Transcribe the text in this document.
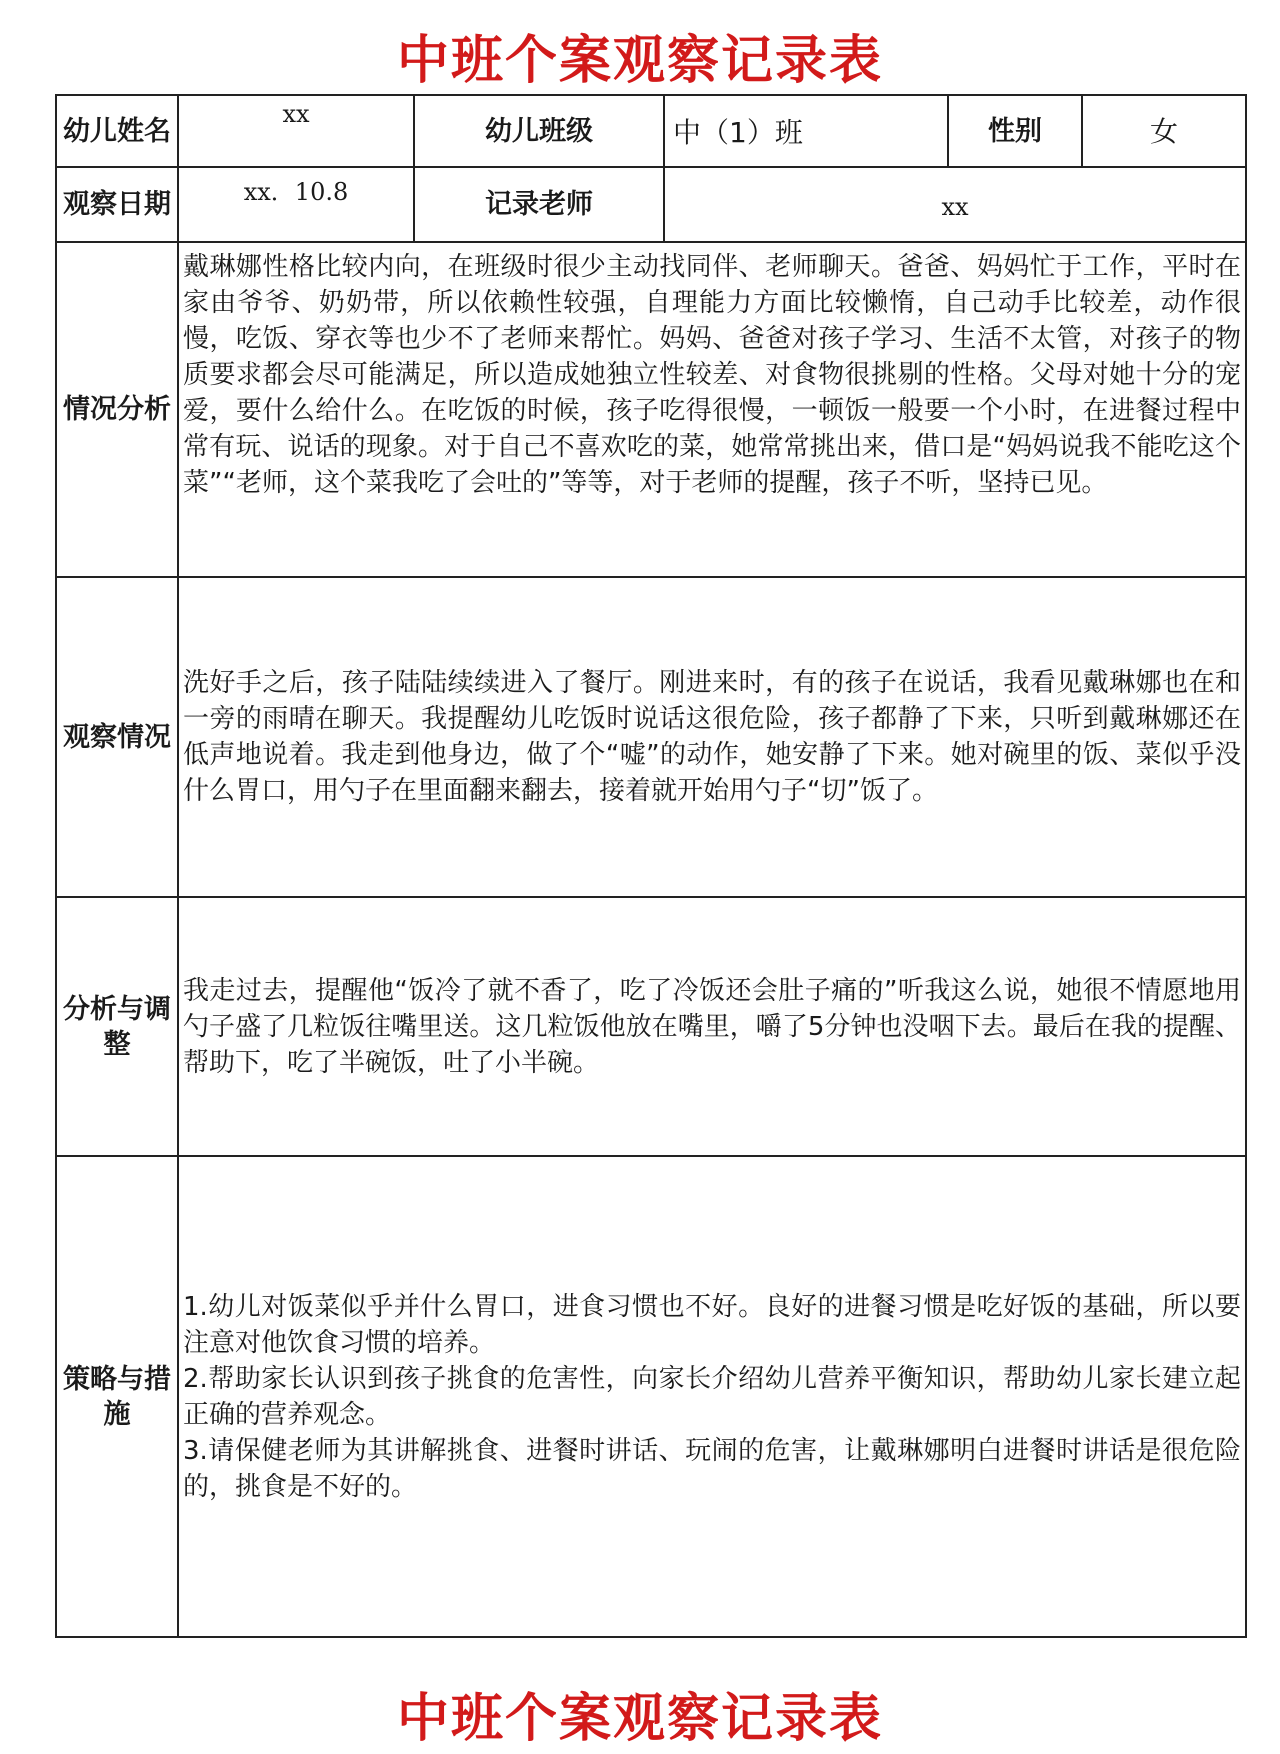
中班个案观察记录表
幼儿姓名	xx	幼儿班级	中（1）班	性别	女
观察日期	xx．10.8	记录老师	xx		
情况分析	戴琳娜性格比较内向，在班级时很少主动找同伴、老师聊天。爸爸、妈妈忙于工作，平时在家由爷爷、奶奶带，所以依赖性较强，自理能力方面比较懒惰，自己动手比较差，动作很慢，吃饭、穿衣等也少不了老师来帮忙。妈妈、爸爸对孩子学习、生活不太管，对孩子的物质要求都会尽可能满足，所以造成她独立性较差、对食物很挑剔的性格。父母对她十分的宠爱，要什么给什么。在吃饭的时候，孩子吃得很慢，一顿饭一般要一个小时，在进餐过程中常有玩、说话的现象。对于自己不喜欢吃的菜，她常常挑出来，借口是“妈妈说我不能吃这个菜”“老师，这个菜我吃了会吐的”等等，对于老师的提醒，孩子不听，坚持已见。				
观察情况	洗好手之后，孩子陆陆续续进入了餐厅。刚进来时，有的孩子在说话，我看见戴琳娜也在和一旁的雨晴在聊天。我提醒幼儿吃饭时说话这很危险，孩子都静了下来，只听到戴琳娜还在低声地说着。我走到他身边，做了个“嘘”的动作，她安静了下来。她对碗里的饭、菜似乎没什么胃口，用勺子在里面翻来翻去，接着就开始用勺子“切”饭了。				
分析与调整	我走过去，提醒他“饭冷了就不香了，吃了冷饭还会肚子痛的”听我这么说，她很不情愿地用勺子盛了几粒饭往嘴里送。这几粒饭他放在嘴里，嚼了5分钟也没咽下去。最后在我的提醒、帮助下，吃了半碗饭，吐了小半碗。				
策略与措施	1.幼儿对饭菜似乎并什么胃口，进食习惯也不好。良好的进餐习惯是吃好饭的基础，所以要注意对他饮食习惯的培养。

2.帮助家长认识到孩子挑食的危害性，向家长介绍幼儿营养平衡知识，帮助幼儿家长建立起正确的营养观念。

3.请保健老师为其讲解挑食、进餐时讲话、玩闹的危害，让戴琳娜明白进餐时讲话是很危险的，挑食是不好的。				

中班个案观察记录表
